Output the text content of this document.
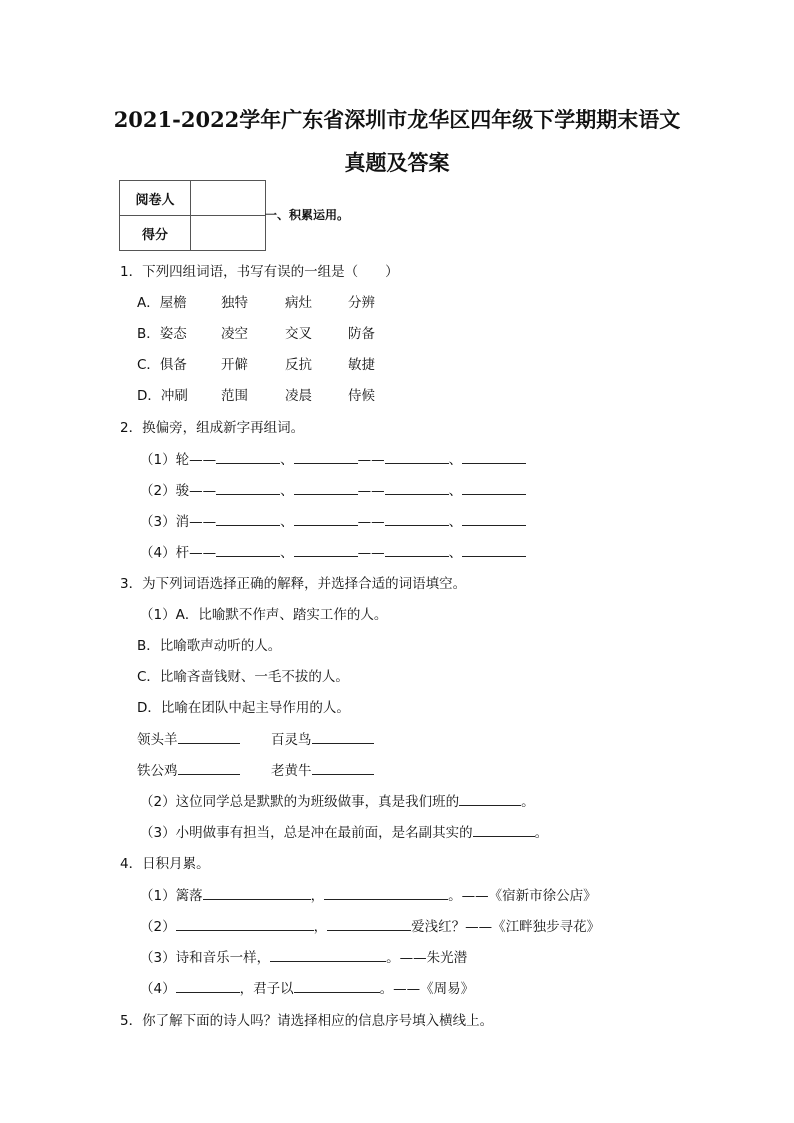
2021-2022学年广东省深圳市龙华区四年级下学期期末语文
真题及答案
阅卷人	
得分	
一、积累运用。
1．下列四组词语，书写有误的一组是（　　）
A．屋檐	独特	病灶	分辨
B．姿态	凌空	交叉	防备
C．俱备	开僻	反抗	敏捷
D．冲刷 范围	凌晨	侍候
2．换偏旁，组成新字再组词。
（1）轮——	、	——	、
（2）骏——	、	——	、
（3）消——	、	——	、
（4）杆——	、	——	、
3．为下列词语选择正确的解释，并选择合适的词语填空。
（1）A．比喻默不作声、踏实工作的人。
B．比喻歌声动听的人。
C．比喻吝啬钱财、一毛不拔的人。
D．比喻在团队中起主导作用的人。
领头羊	百灵鸟
铁公鸡	老黄牛
（2）这位同学总是默默的为班级做事，真是我们班的	。
（3）小明做事有担当，总是冲在最前面，是名副其实的	。
4．日积月累。
（1）篱落	，	。——《宿新市徐公店》
（2）	，	爱浅红？——《江畔独步寻花》
（3）诗和音乐一样，	。——朱光潜
（4）	，君子以	。——《周易》
5．你了解下面的诗人吗？请选择相应的信息序号填入横线上。
